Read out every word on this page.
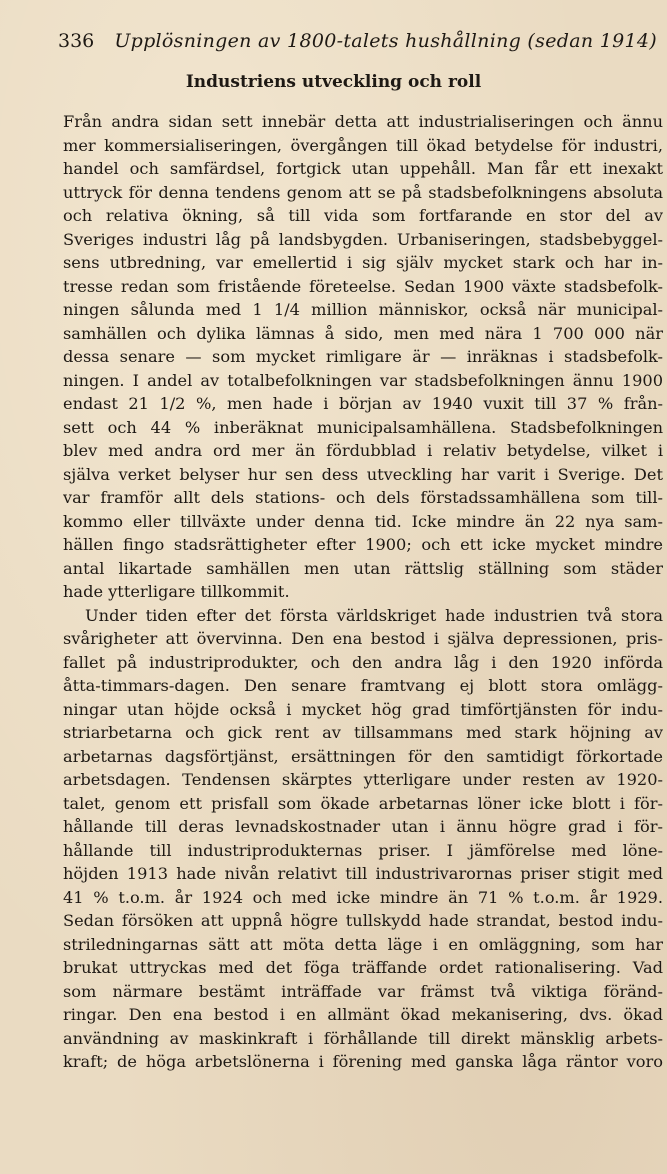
336 Upplösningen av 1800-talets hushållning (sedan 1914)
Industriens utveckling och roll
Från andra sidan sett innebär detta att industrialiseringen och ännu
mer kommersialiseringen, övergången till ökad betydelse för industri,
handel och samfärdsel, fortgick utan uppehåll. Man får ett inexakt
uttryck för denna tendens genom att se på stadsbefolkningens absoluta
och relativa ökning, så till vida som fortfarande en stor del av
Sveriges industri låg på landsbygden. Urbaniseringen, stadsbebyggel-
sens utbredning, var emellertid i sig själv mycket stark och har in-
tresse redan som fristående företeelse. Sedan 1900 växte stadsbefolk-
ningen sålunda med 1 1/4 million människor, också när municipal-
samhällen och dylika lämnas å sido, men med nära 1 700 000 när
dessa senare — som mycket rimligare är — inräknas i stadsbefolk-
ningen. I andel av totalbefolkningen var stadsbefolkningen ännu 1900
endast 21 1/2 %, men hade i början av 1940 vuxit till 37 % från-
sett och 44 % inberäknat municipalsamhällena. Stadsbefolkningen
blev med andra ord mer än fördubblad i relativ betydelse, vilket i
själva verket belyser hur sen dess utveckling har varit i Sverige. Det
var framför allt dels stations- och dels förstadssamhällena som till-
kommo eller tillväxte under denna tid. Icke mindre än 22 nya sam-
hällen fingo stadsrättigheter efter 1900; och ett icke mycket mindre
antal likartade samhällen men utan rättslig ställning som städer
hade ytterligare tillkommit.
Under tiden efter det första världskriget hade industrien två stora
svårigheter att övervinna. Den ena bestod i själva depressionen, pris-
fallet på industriprodukter, och den andra låg i den 1920 införda
åtta-timmars-dagen. Den senare framtvang ej blott stora omlägg-
ningar utan höjde också i mycket hög grad timförtjänsten för indu-
striarbetarna och gick rent av tillsammans med stark höjning av
arbetarnas dagsförtjänst, ersättningen för den samtidigt förkortade
arbetsdagen. Tendensen skärptes ytterligare under resten av 1920-
talet, genom ett prisfall som ökade arbetarnas löner icke blott i för-
hållande till deras levnadskostnader utan i ännu högre grad i för-
hållande till industriprodukternas priser. I jämförelse med löne-
höjden 1913 hade nivån relativt till industrivarornas priser stigit med
41 % t.o.m. år 1924 och med icke mindre än 71 % t.o.m. år 1929.
Sedan försöken att uppnå högre tullskydd hade strandat, bestod indu-
striledningarnas sätt att möta detta läge i en omläggning, som har
brukat uttryckas med det föga träffande ordet rationalisering. Vad
som närmare bestämt inträffade var främst två viktiga föränd-
ringar. Den ena bestod i en allmänt ökad mekanisering, dvs. ökad
användning av maskinkraft i förhållande till direkt mänsklig arbets-
kraft; de höga arbetslönerna i förening med ganska låga räntor voro
